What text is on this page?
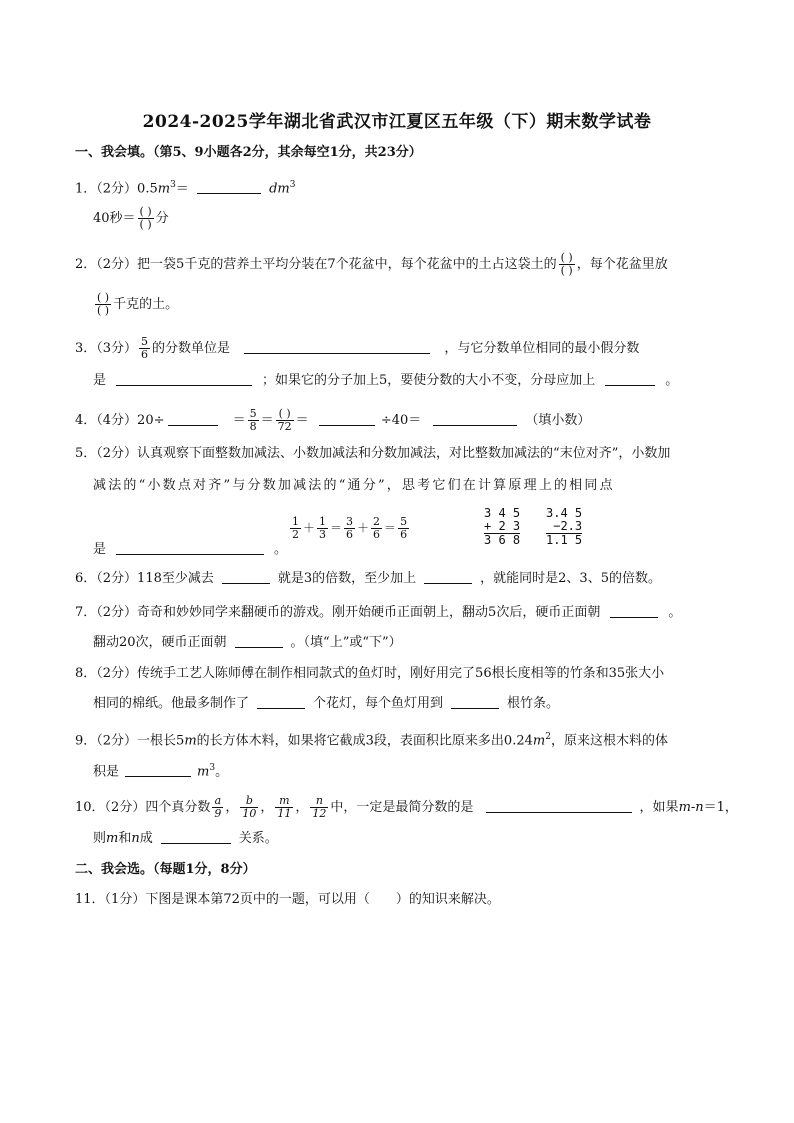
2024-2025学年湖北省武汉市江夏区五年级（下）期末数学试卷
一、我会填。（第5、9小题各2分，其余每空1分，共23分）
1．（2分）$0.5m^3=$	$dm^3$
40秒＝ $\frac{( )}{( )}$ 分
2．（2分）把一袋5千克的营养土平均分装在7个花盆中，每个花盆中的土占这袋土的 $\frac{( )}{( )}$ ，每个花盆里放
$\frac{( )}{( )}$ 千克的土。
3．（3分） $\frac{5}{6}$ 的分数单位是	，与它分数单位相同的最小假分数
是	；如果它的分子加上5，要使分数的大小不变，分母应加上	。
4．（4分）20÷	＝ $\frac{5}{8} = \frac{( )}{72}$ ＝	÷40＝	（填小数）
5．（2分）认真观察下面整数加减法、小数加减法和分数加减法，对比整数加减法的“末位对齐”，小数加
减法的“小数点对齐”与分数加减法的“通分”，思考它们在计算原理上的相同点
是	。
$\frac{1}{2} + \frac{1}{3} = \frac{3}{6} + \frac{2}{6} = \frac{5}{6}$
3 4 5
+ 2 3
3 6 8
3.4 5
−2.3
1.1 5
6．（2分）118至少减去	就是3的倍数，至少加上	，就能同时是2、3、5的倍数。
7．（2分）奇奇和妙妙同学来翻硬币的游戏。刚开始硬币正面朝上，翻动5次后，硬币正面朝	。
翻动20次，硬币正面朝	。（填“上”或“下”）
8．（2分）传统手工艺人陈师傅在制作相同款式的鱼灯时，刚好用完了56根长度相等的竹条和35张大小
相同的棉纸。他最多制作了	个花灯，每个鱼灯用到	根竹条。
9．（2分）一根长5m的长方体木料，如果将它截成3段，表面积比原来多出$0.24m^2$，原来这根木料的体
积是	$m^3$。
10．（2分）四个真分数 $\frac{a}{9}$ ， $\frac{b}{10}$ ， $\frac{m}{11}$ ， $\frac{n}{12}$ 中，一定是最简分数的是	，如果m-n＝1，
则m和n成	关系。
二、我会选。（每题1分，8分）
11．（1分）下图是课本第72页中的一题，可以用（　　）的知识来解决。
